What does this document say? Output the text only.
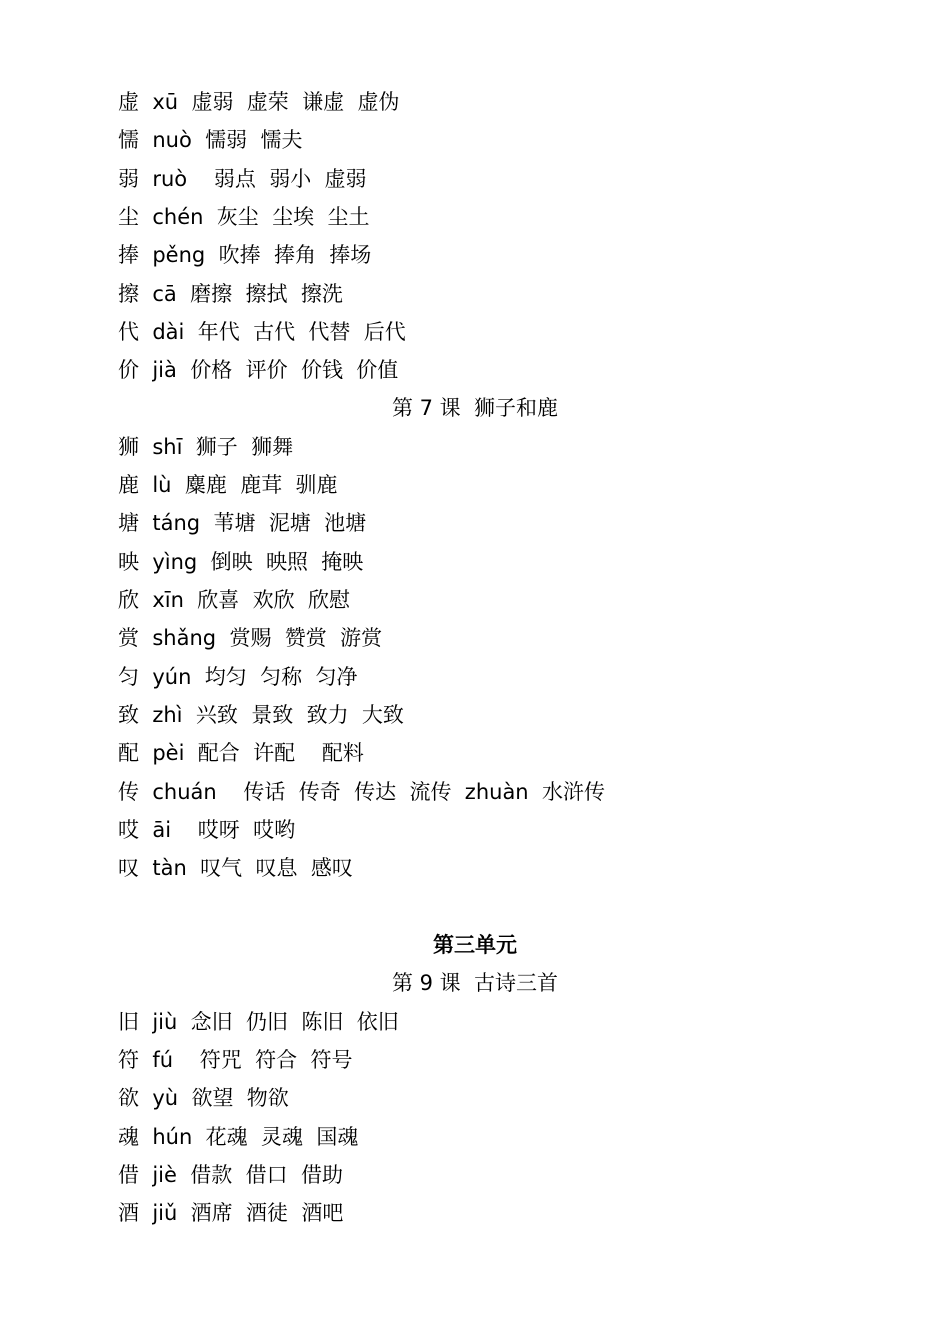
虚  xū  虚弱  虚荣  谦虚  虚伪
懦  nuò  懦弱  懦夫
弱  ruò    弱点  弱小  虚弱
尘  chén  灰尘  尘埃  尘土
捧  pěng  吹捧  捧角  捧场
擦  cā  磨擦  擦拭  擦洗
代  dài  年代  古代  代替  后代
价  jià  价格  评价  价钱  价值
第 7 课  狮子和鹿
狮  shī  狮子  狮舞
鹿  lù  麋鹿  鹿茸  驯鹿
塘  táng  苇塘  泥塘  池塘
映  yìng  倒映  映照  掩映
欣  xīn  欣喜  欢欣  欣慰
赏  shǎng  赏赐  赞赏  游赏
匀  yún  均匀  匀称  匀净
致  zhì  兴致  景致  致力  大致
配  pèi  配合  许配    配料
传  chuán    传话  传奇  传达  流传  zhuàn  水浒传
哎  āi    哎呀  哎哟
叹  tàn  叹气  叹息  感叹
第三单元
第 9 课  古诗三首
旧  jiù  念旧  仍旧  陈旧  依旧
符  fú    符咒  符合  符号
欲  yù  欲望  物欲
魂  hún  花魂  灵魂  国魂
借  jiè  借款  借口  借助
酒  jiǔ  酒席  酒徒  酒吧
